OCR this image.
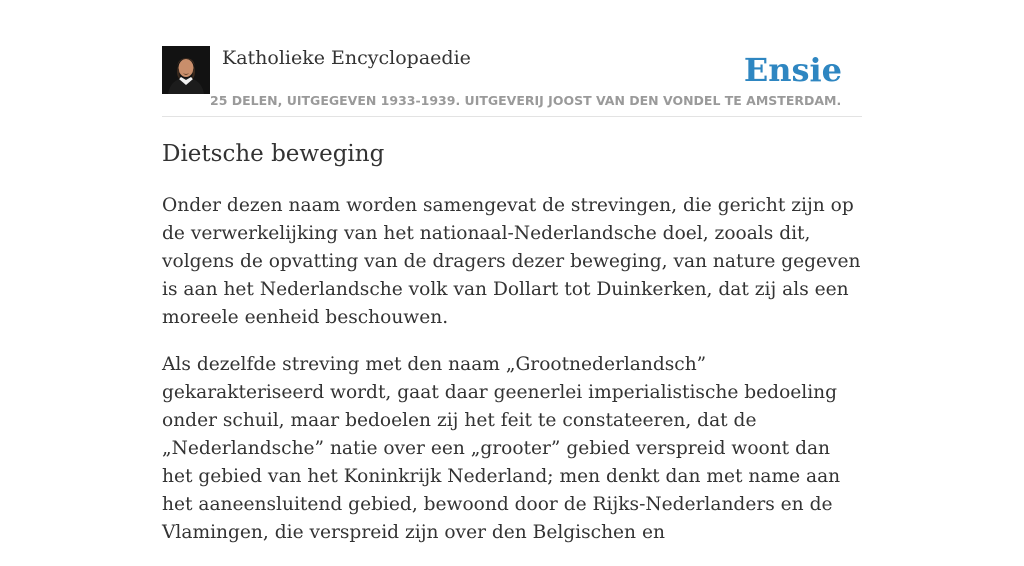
Katholieke Encyclopaedie	Ensie
25 DELEN, UITGEGEVEN 1933-1939. UITGEVERIJ JOOST VAN DEN VONDEL TE AMSTERDAM.
Dietsche beweging

Onder dezen naam worden samengevat de strevingen, die gericht zijn op de verwerkelijking van het nationaal-Nederlandsche doel, zooals dit, volgens de opvatting van de dragers dezer beweging, van nature gegeven is aan het Nederlandsche volk van Dollart tot Duinkerken, dat zij als een moreele eenheid beschouwen.

Als dezelfde streving met den naam „Grootnederlandsch” gekarakteriseerd wordt, gaat daar geenerlei imperialistische bedoeling onder schuil, maar bedoelen zij het feit te constateeren, dat de „Nederlandsche” natie over een „grooter” gebied verspreid woont dan het gebied van het Koninkrijk Nederland; men denkt dan met name aan het aaneensluitend gebied, bewoond door de Rijks-Nederlanders en de Vlamingen, die verspreid zijn over den Belgischen en
